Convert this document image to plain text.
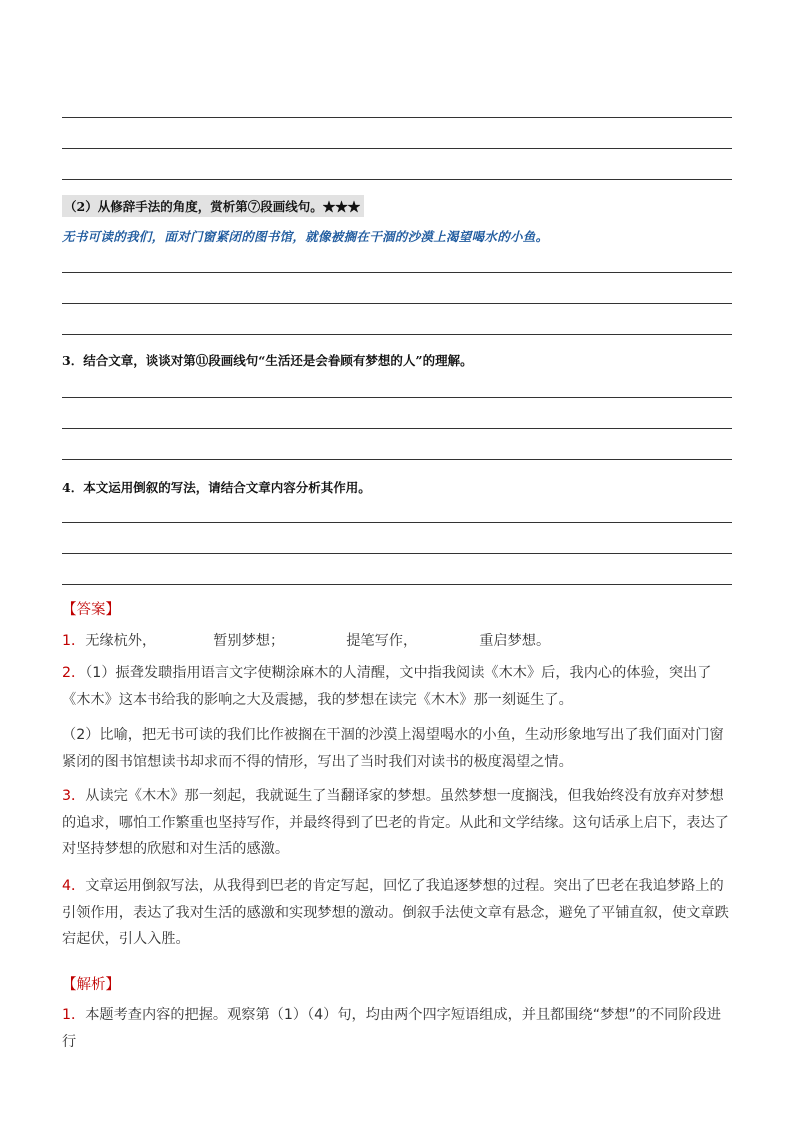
（2）从修辞手法的角度，赏析第⑦段画线句。★★★
无书可读的我们，面对门窗紧闭的图书馆，就像被搁在干涸的沙漠上渴望喝水的小鱼。
3．结合文章，谈谈对第⑪段画线句“生活还是会眷顾有梦想的人”的理解。
4．本文运用倒叙的写法，请结合文章内容分析其作用。
【答案】
1．无缘杭外，	暂别梦想；	提笔写作，	重启梦想。
2．（1）振聋发聩指用语言文字使糊涂麻木的人清醒，文中指我阅读《木木》后，我内心的体验，突出了《木木》这本书给我的影响之大及震撼，我的梦想在读完《木木》那一刻诞生了。
（2）比喻，把无书可读的我们比作被搁在干涸的沙漠上渴望喝水的小鱼，生动形象地写出了我们面对门窗紧闭的图书馆想读书却求而不得的情形，写出了当时我们对读书的极度渴望之情。
3．从读完《木木》那一刻起，我就诞生了当翻译家的梦想。虽然梦想一度搁浅，但我始终没有放弃对梦想的追求，哪怕工作繁重也坚持写作，并最终得到了巴老的肯定。从此和文学结缘。这句话承上启下，表达了对坚持梦想的欣慰和对生活的感激。
4．文章运用倒叙写法，从我得到巴老的肯定写起，回忆了我追逐梦想的过程。突出了巴老在我追梦路上的引领作用，表达了我对生活的感激和实现梦想的激动。倒叙手法使文章有悬念，避免了平铺直叙，使文章跌宕起伏，引人入胜。
【解析】
1．本题考查内容的把握。观察第（1）（4）句，均由两个四字短语组成，并且都围绕“梦想”的不同阶段进行
